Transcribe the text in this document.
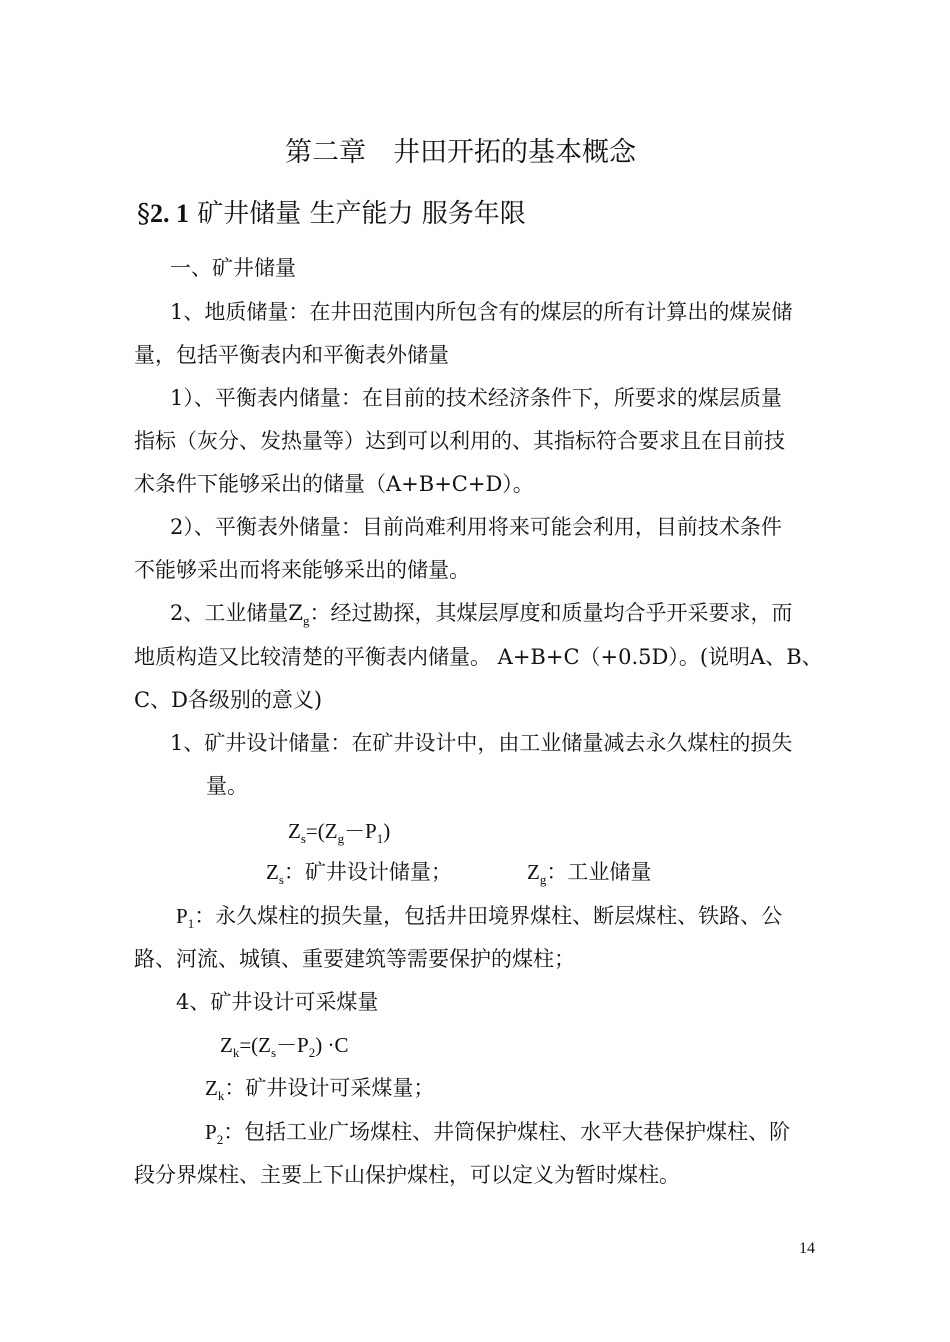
第二章　井田开拓的基本概念
§2. 1 矿井储量 生产能力 服务年限
一、矿井储量
1、地质储量：在井田范围内所包含有的煤层的所有计算出的煤炭储
量，包括平衡表内和平衡表外储量
1）、平衡表内储量：在目前的技术经济条件下，所要求的煤层质量
指标（灰分、发热量等）达到可以利用的、其指标符合要求且在目前技
术条件下能够采出的储量（A+B+C+D）。
2）、平衡表外储量：目前尚难利用将来可能会利用，目前技术条件
不能够采出而将来能够采出的储量。
2、工业储量$Z_g$：经过勘探，其煤层厚度和质量均合乎开采要求，而
地质构造又比较清楚的平衡表内储量。 A+B+C（+0.5D）。(说明A、B、
C、D各级别的意义)
1、矿井设计储量：在矿井设计中，由工业储量减去永久煤柱的损失
量。
$Z_s=(Z_g-P_1)$
$Z_s$：矿井设计储量；	$Z_g$：工业储量
$P_1$：永久煤柱的损失量，包括井田境界煤柱、断层煤柱、铁路、公
路、河流、城镇、重要建筑等需要保护的煤柱；
4、矿井设计可采煤量
$Z_k=(Z_s-P_2) \cdot C$
$Z_k$：矿井设计可采煤量；
$P_2$：包括工业广场煤柱、井筒保护煤柱、水平大巷保护煤柱、阶
段分界煤柱、主要上下山保护煤柱，可以定义为暂时煤柱。
14
